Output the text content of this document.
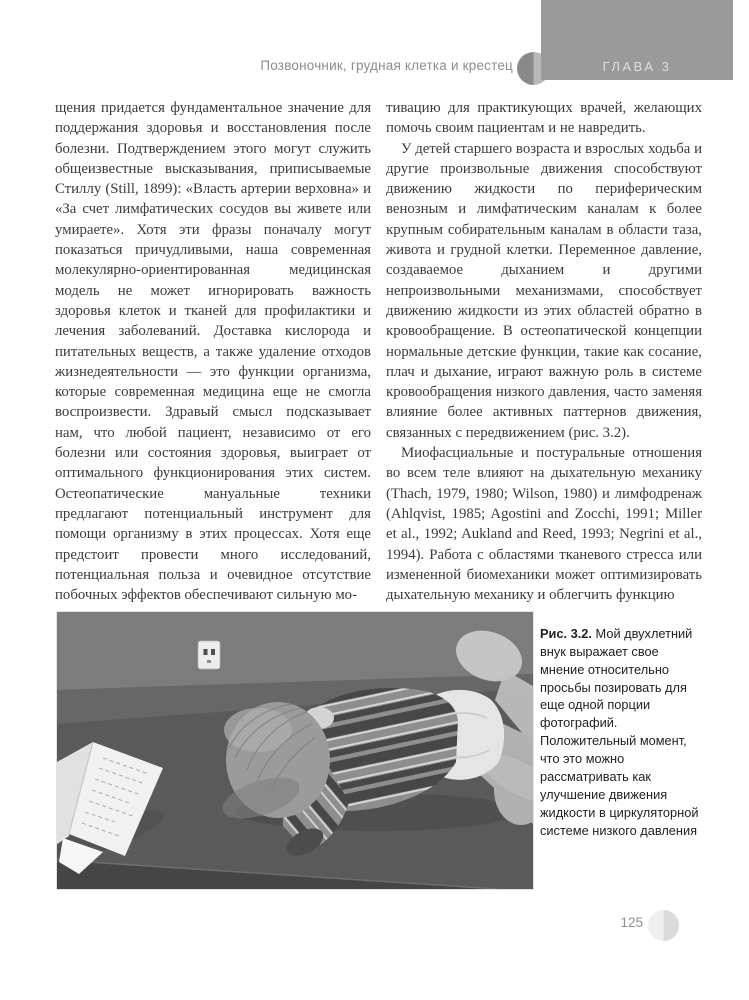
Позвоночник, грудная клетка и крестец	ГЛАВА 3

щения придается фундаментальное значение для поддержания здоровья и восстановления после болезни. Подтверждением этого могут служить общеизвестные высказывания, приписываемые Стиллу (Still, 1899): «Власть артерии верховна» и «За счет лимфатических сосудов вы живете или умираете». Хотя эти фразы поначалу могут показаться причудливыми, наша современная молекулярно-ориентированная медицинская модель не может игнорировать важность здоровья клеток и тканей для профилактики и лечения заболеваний. Доставка кислорода и питательных веществ, а также удаление отходов жизнедеятельности — это функции организма, которые современная медицина еще не смогла воспроизвести. Здравый смысл подсказывает нам, что любой пациент, независимо от его болезни или состояния здоровья, выиграет от оптимального функционирования этих систем. Остеопатические мануальные техники предлагают потенциальный инструмент для помощи организму в этих процессах. Хотя еще предстоит провести много исследований, потенциальная польза и очевидное отсутствие побочных эффектов обеспечивают сильную мо-

тивацию для практикующих врачей, желающих помочь своим пациентам и не навредить.

У детей старшего возраста и взрослых ходьба и другие произвольные движения способствуют движению жидкости по периферическим венозным и лимфатическим каналам к более крупным собирательным каналам в области таза, живота и грудной клетки. Переменное давление, создаваемое дыханием и другими непроизвольными механизмами, способствует движению жидкости из этих областей обратно в кровообращение. В остеопатической концепции нормальные детские функции, такие как сосание, плач и дыхание, играют важную роль в системе кровообращения низкого давления, часто заменяя влияние более активных паттернов движения, связанных с передвижением (рис. 3.2).

Миофасциальные и постуральные отношения во всем теле влияют на дыхательную механику (Thach, 1979, 1980; Wilson, 1980) и лимфодренаж (Ahlqvist, 1985; Agostini and Zocchi, 1991; Miller et al., 1992; Aukland and Reed, 1993; Negrini et al., 1994). Работа с областями тканевого стресса или измененной биомеханики может оптимизировать дыхательную механику и облегчить функцию

Рис. 3.2. Мой двухлетний внук выражает свое мнение относительно просьбы позировать для еще одной порции фотографий. Положительный момент, что это можно рассматривать как улучшение движения жидкости в циркуляторной системе низкого давления

125
